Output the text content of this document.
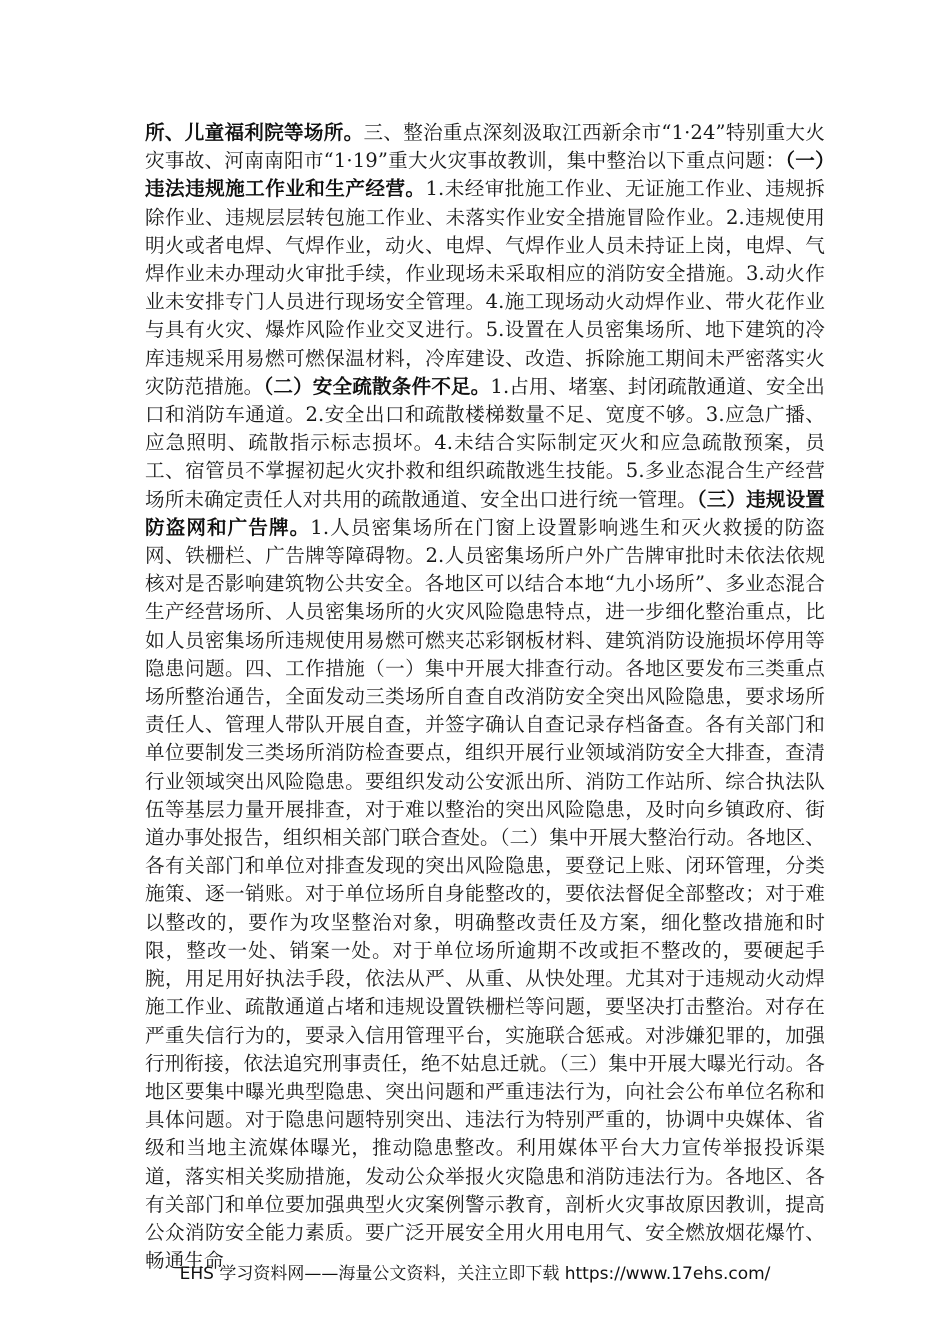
所、儿童福利院等场所。三、整治重点深刻汲取江西新余市“1·24”特别重大火灾事故、河南南阳市“1·19”重大火灾事故教训，集中整治以下重点问题：（一）违法违规施工作业和生产经营。1.未经审批施工作业、无证施工作业、违规拆除作业、违规层层转包施工作业、未落实作业安全措施冒险作业。2.违规使用明火或者电焊、气焊作业，动火、电焊、气焊作业人员未持证上岗，电焊、气焊作业未办理动火审批手续，作业现场未采取相应的消防安全措施。3.动火作业未安排专门人员进行现场安全管理。4.施工现场动火动焊作业、带火花作业与具有火灾、爆炸风险作业交叉进行。5.设置在人员密集场所、地下建筑的冷库违规采用易燃可燃保温材料，冷库建设、改造、拆除施工期间未严密落实火灾防范措施。（二）安全疏散条件不足。1.占用、堵塞、封闭疏散通道、安全出口和消防车通道。2.安全出口和疏散楼梯数量不足、宽度不够。3.应急广播、应急照明、疏散指示标志损坏。4.未结合实际制定灭火和应急疏散预案，员工、宿管员不掌握初起火灾扑救和组织疏散逃生技能。5.多业态混合生产经营场所未确定责任人对共用的疏散通道、安全出口进行统一管理。（三）违规设置防盗网和广告牌。1.人员密集场所在门窗上设置影响逃生和灭火救援的防盗网、铁栅栏、广告牌等障碍物。2.人员密集场所户外广告牌审批时未依法依规核对是否影响建筑物公共安全。各地区可以结合本地“九小场所”、多业态混合生产经营场所、人员密集场所的火灾风险隐患特点，进一步细化整治重点，比如人员密集场所违规使用易燃可燃夹芯彩钢板材料、建筑消防设施损坏停用等隐患问题。四、工作措施（一）集中开展大排查行动。各地区要发布三类重点场所整治通告，全面发动三类场所自查自改消防安全突出风险隐患，要求场所责任人、管理人带队开展自查，并签字确认自查记录存档备查。各有关部门和单位要制发三类场所消防检查要点，组织开展行业领域消防安全大排查，查清行业领域突出风险隐患。要组织发动公安派出所、消防工作站所、综合执法队伍等基层力量开展排查，对于难以整治的突出风险隐患，及时向乡镇政府、街道办事处报告，组织相关部门联合查处。（二）集中开展大整治行动。各地区、各有关部门和单位对排查发现的突出风险隐患，要登记上账、闭环管理，分类施策、逐一销账。对于单位场所自身能整改的，要依法督促全部整改；对于难以整改的，要作为攻坚整治对象，明确整改责任及方案，细化整改措施和时限，整改一处、销案一处。对于单位场所逾期不改或拒不整改的，要硬起手腕，用足用好执法手段，依法从严、从重、从快处理。尤其对于违规动火动焊施工作业、疏散通道占堵和违规设置铁栅栏等问题，要坚决打击整治。对存在严重失信行为的，要录入信用管理平台，实施联合惩戒。对涉嫌犯罪的，加强行刑衔接，依法追究刑事责任，绝不姑息迁就。（三）集中开展大曝光行动。各地区要集中曝光典型隐患、突出问题和严重违法行为，向社会公布单位名称和具体问题。对于隐患问题特别突出、违法行为特别严重的，协调中央媒体、省级和当地主流媒体曝光，推动隐患整改。利用媒体平台大力宣传举报投诉渠道，落实相关奖励措施，发动公众举报火灾隐患和消防违法行为。各地区、各有关部门和单位要加强典型火灾案例警示教育，剖析火灾事故原因教训，提高公众消防安全能力素质。要广泛开展安全用火用电用气、安全燃放烟花爆竹、畅通生命
EHS 学习资料网——海量公文资料，关注立即下载 https://www.17ehs.com/
